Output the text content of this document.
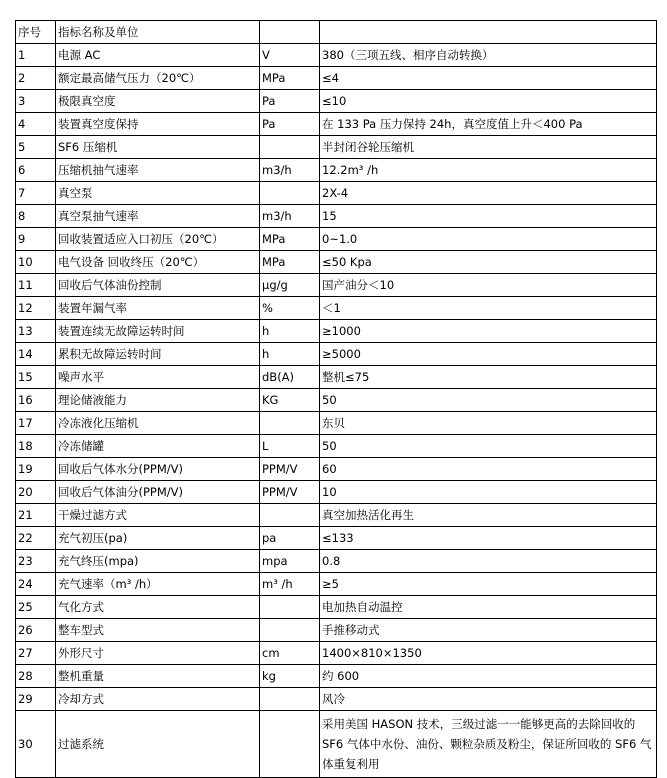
序号	指标名称及单位		
1	电源 AC	V	380（三项五线、相序自动转换）
2	额定最高储气压力（20℃）	MPa	≤4
3	极限真空度	Pa	≤10
4	装置真空度保持	Pa	在 133 Pa 压力保持 24h，真空度值上升＜400 Pa
5	SF6 压缩机		半封闭谷轮压缩机
6	压缩机抽气速率	m3/h	12.2m³ /h
7	真空泵		2X-4
8	真空泵抽气速率	m3/h	15
9	回收装置适应入口初压（20℃）	MPa	0~1.0
10	电气设备 回收终压（20℃）	MPa	≤50 Kpa
11	回收后气体油份控制	μg/g	国产油分＜10
12	装置年漏气率	%	＜1
13	装置连续无故障运转时间	h	≥1000
14	累积无故障运转时间	h	≥5000
15	噪声水平	dB(A)	整机≤75
16	理论储液能力	KG	50
17	冷冻液化压缩机		东贝
18	冷冻储罐	L	50
19	回收后气体水分(PPM/V)	PPM/V	60
20	回收后气体油分(PPM/V)	PPM/V	10
21	干燥过滤方式		真空加热活化再生
22	充气初压(pa)	pa	≤133
23	充气终压(mpa)	mpa	0.8
24	充气速率（m³ /h）	m³ /h	≥5
25	气化方式		电加热自动温控
26	整车型式		手推移动式
27	外形尺寸	cm	1400×810×1350
28	整机重量	kg	约 600
29	冷却方式		风冷
30	过滤系统		采用美国 HASON 技术，三级过滤一一能够更高的去除回收的 SF6 气体中水份、油份、颗粒杂质及粉尘，保证所回收的 SF6 气体重复利用
